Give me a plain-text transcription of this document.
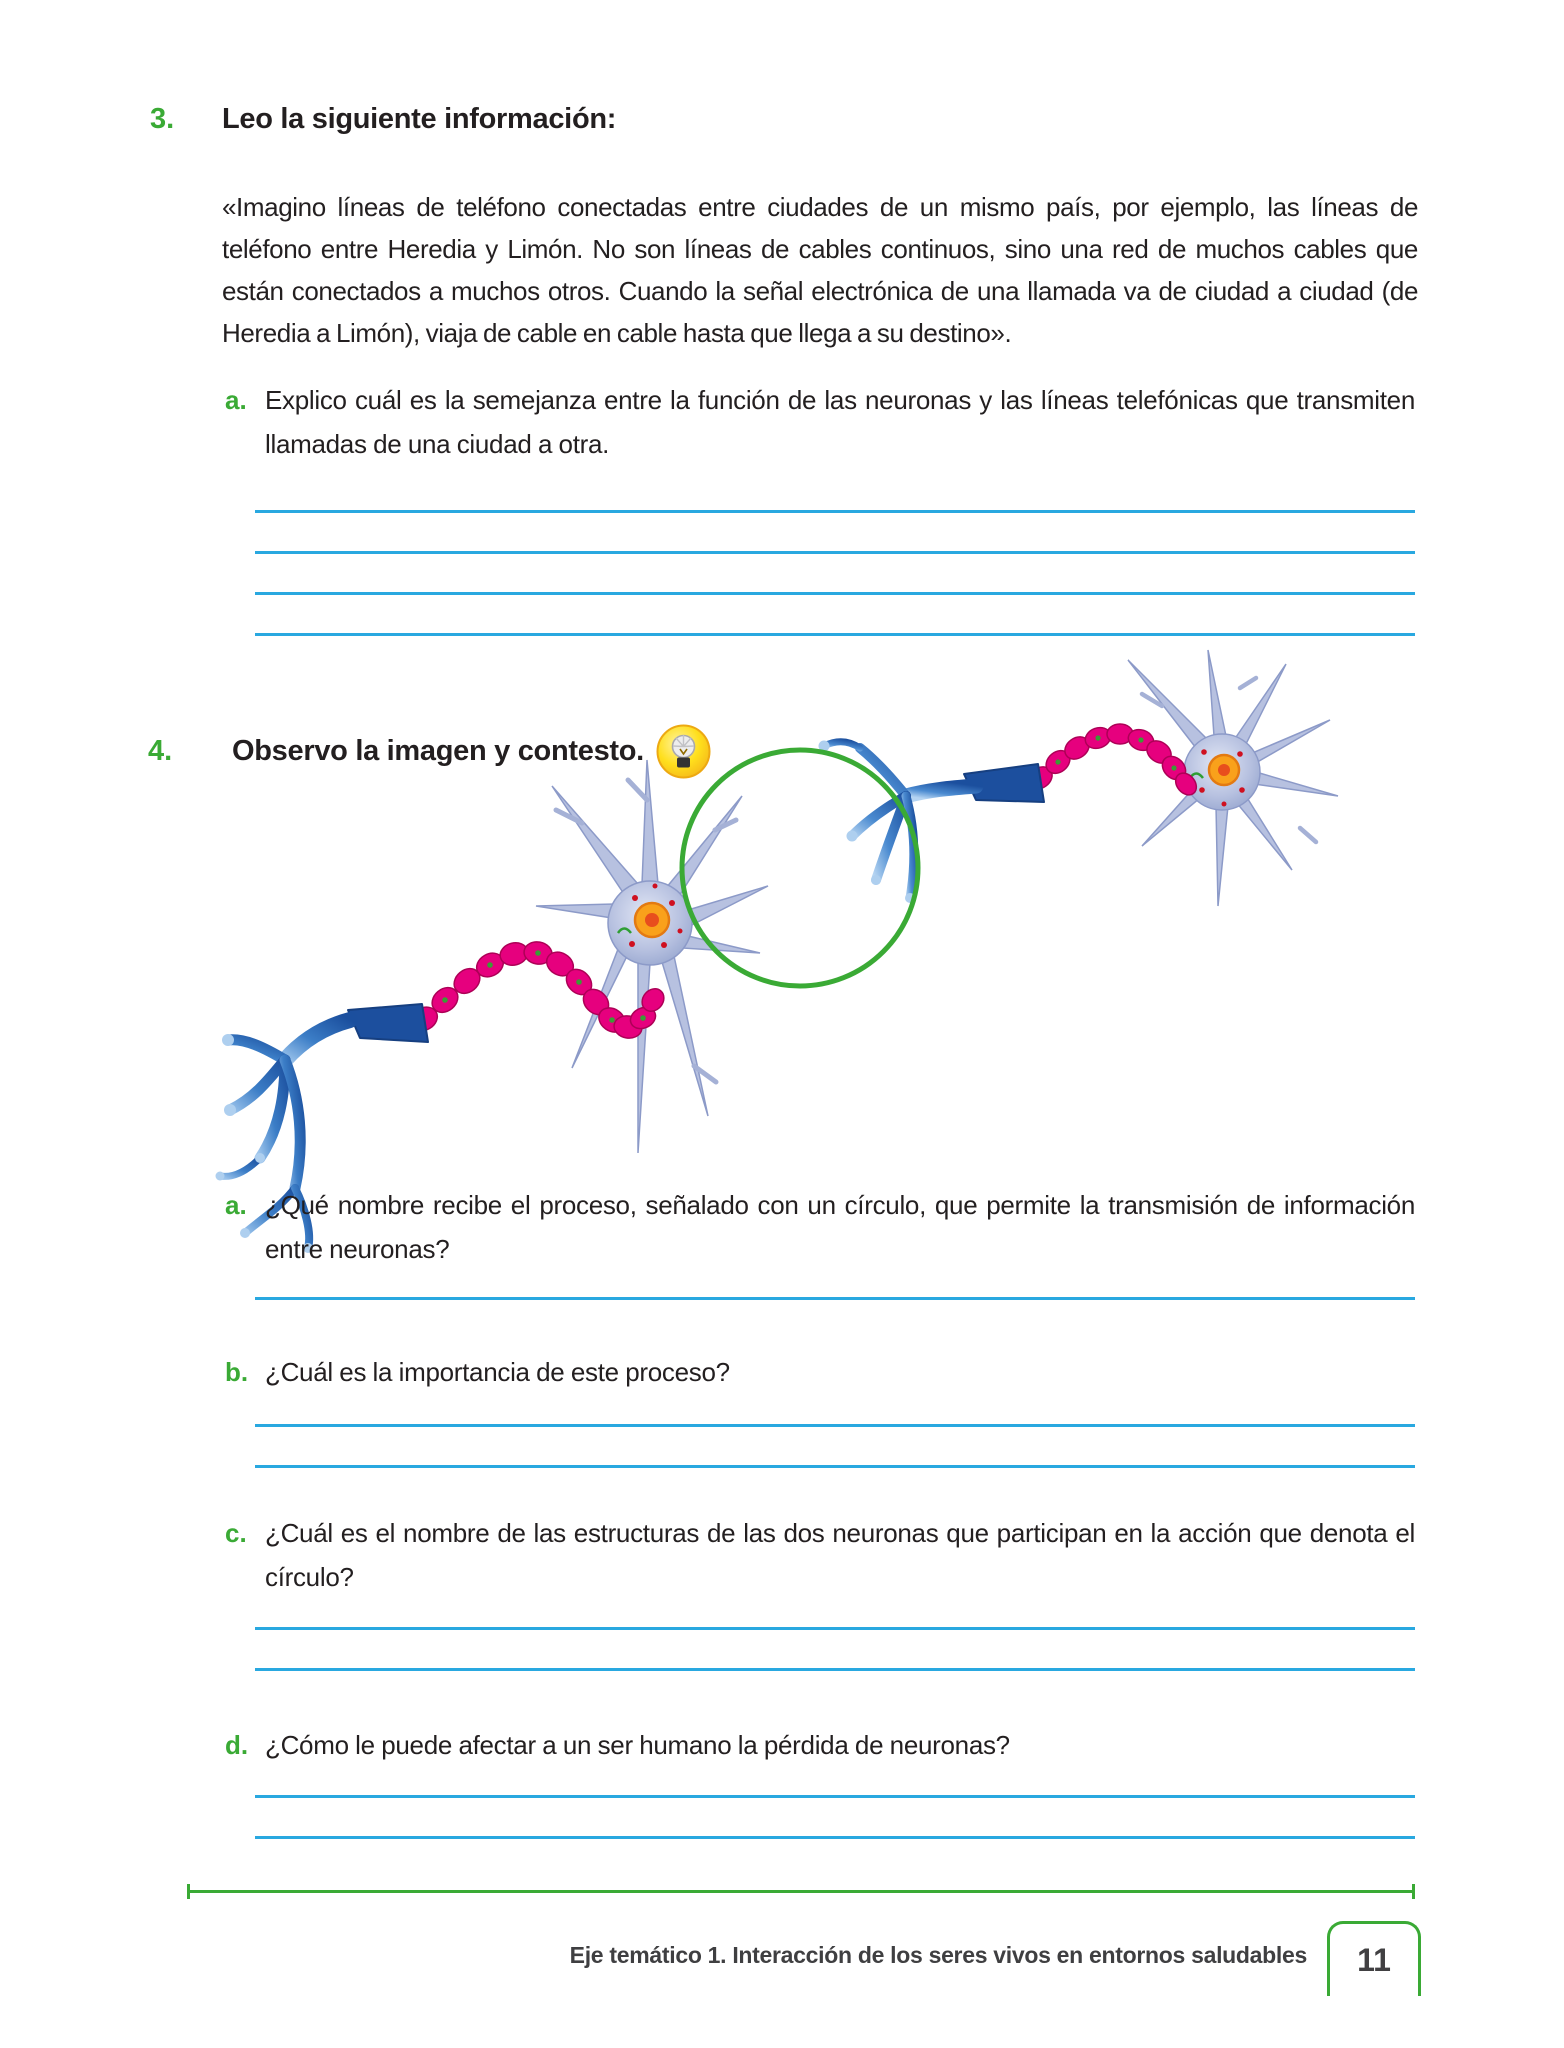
3.	Leo la siguiente información:

«Imagino líneas de teléfono conectadas entre ciudades de un mismo país, por ejemplo, las líneas de teléfono entre Heredia y Limón. No son líneas de cables continuos, sino una red de muchos cables que están conectados a muchos otros. Cuando la señal electrónica de una llamada va de ciudad a ciudad (de Heredia a Limón), viaja de cable en cable hasta que llega a su destino».

a. Explico cuál es la semejanza entre la función de las neuronas y las líneas telefónicas que transmiten llamadas de una ciudad a otra.
4.	Observo la imagen y contesto.
a. ¿Qué nombre recibe el proceso, señalado con un círculo, que permite la transmisión de información entre neuronas?
b. ¿Cuál es la importancia de este proceso?
c. ¿Cuál es el nombre de las estructuras de las dos neuronas que participan en la acción que denota el círculo?
d. ¿Cómo le puede afectar a un ser humano la pérdida de neuronas?
Eje temático 1. Interacción de los seres vivos en entornos saludables 11
